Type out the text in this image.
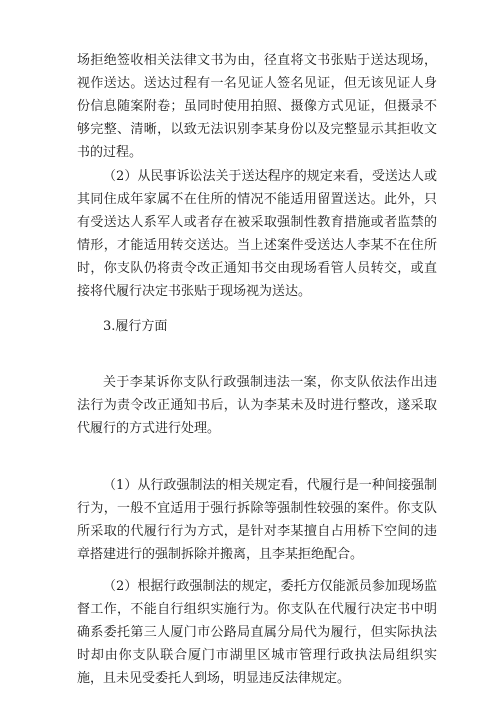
场拒绝签收相关法律文书为由，径直将文书张贴于送达现场，视作送达。送达过程有一名见证人签名见证，但无该见证人身份信息随案附卷；虽同时使用拍照、摄像方式见证，但摄录不够完整、清晰，以致无法识别李某身份以及完整显示其拒收文书的过程。

（2）从民事诉讼法关于送达程序的规定来看，受送达人或其同住成年家属不在住所的情况不能适用留置送达。此外，只有受送达人系军人或者存在被采取强制性教育措施或者监禁的情形，才能适用转交送达。当上述案件受送达人李某不在住所时，你支队仍将责令改正通知书交由现场看管人员转交，或直接将代履行决定书张贴于现场视为送达。

3.履行方面

关于李某诉你支队行政强制违法一案，你支队依法作出违法行为责令改正通知书后，认为李某未及时进行整改，遂采取代履行的方式进行处理。

（1）从行政强制法的相关规定看，代履行是一种间接强制行为，一般不宜适用于强行拆除等强制性较强的案件。你支队所采取的代履行行为方式，是针对李某擅自占用桥下空间的违章搭建进行的强制拆除并搬离，且李某拒绝配合。

（2）根据行政强制法的规定，委托方仅能派员参加现场监督工作，不能自行组织实施行为。你支队在代履行决定书中明确系委托第三人厦门市公路局直属分局代为履行，但实际执法时却由你支队联合厦门市湖里区城市管理行政执法局组织实施，且未见受委托人到场，明显违反法律规定。
